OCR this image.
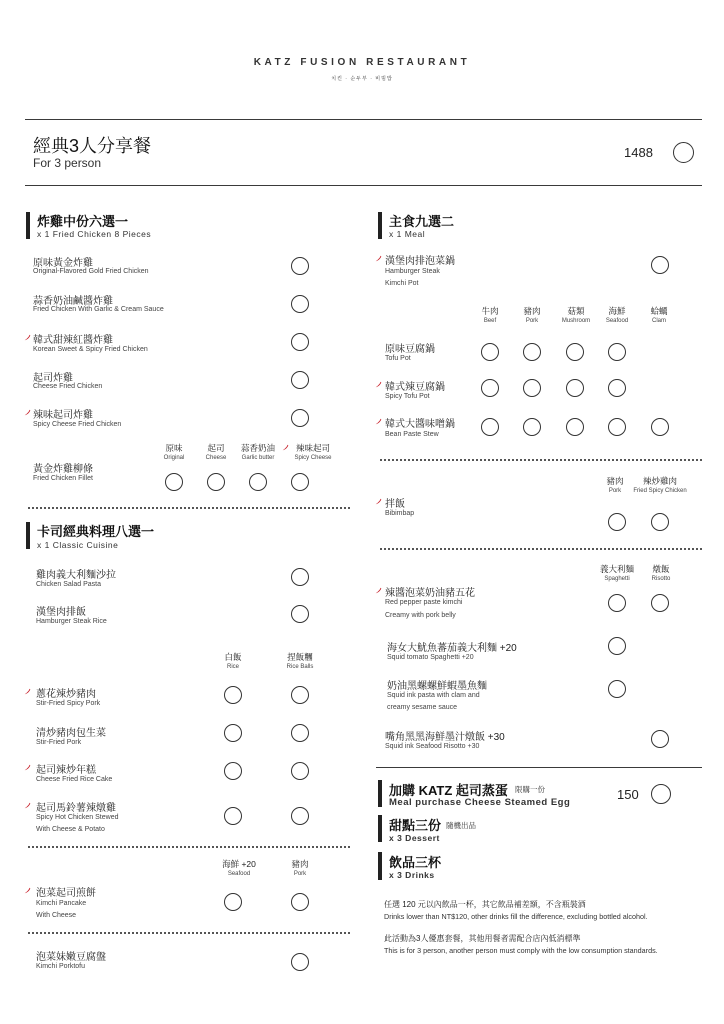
KATZ FUSION RESTAURANT
치킨 · 순두부 · 비빔밥
經典3人分享餐
For 3 person
1488
炸雞中份六選一
x 1 Fried Chicken 8 Pieces
原味黃金炸雞
Original-Flavored Gold Fried Chicken
蒜香奶油鹹醬炸雞
Fried Chicken With Garlic & Cream Sauce
韓式甜辣紅醬炸雞
Korean Sweet & Spicy Fried Chicken
起司炸雞
Cheese Fried Chicken
辣味起司炸雞
Spicy Cheese Fried Chicken
原味
Original
起司
Cheese
蒜香奶油
Garlic butter
辣味起司
Spicy Cheese
黃金炸雞柳條
Fried Chicken Fillet
卡司經典料理八選一
x 1 Classic Cuisine
雞肉義大利麵沙拉
Chicken Salad Pasta
漢堡肉排飯
Hamburger Steak Rice
白飯
Rice
捏飯糰
Rice Balls
蔥花辣炒豬肉
Stir-Fried Spicy Pork
清炒豬肉包生菜
Stir-Fried Pork
起司辣炒年糕
Cheese Fried Rice Cake
起司馬鈴薯辣燉雞
Spicy Hot Chicken Stewed
With Cheese & Potato
海鮮 +20
Seafood
豬肉
Pork
泡菜起司煎餅
Kimchi Pancake
With Cheese
泡菜妹嫩豆腐盤
Kimchi Porktofu
主食九選二
x 1 Meal
漢堡肉排泡菜鍋
Hamburger Steak
Kimchi Pot
牛肉
Beef
豬肉
Pork
菇類
Mushroom
海鮮
Seafood
蛤蠣
Clam
原味豆腐鍋
Tofu Pot
韓式辣豆腐鍋
Spicy Tofu Pot
韓式大醬味噌鍋
Bean Paste Stew
豬肉
Pork
辣炒雞肉
Fried Spicy Chicken
拌飯
Bibimbap
義大利麵
Spaghetti
燉飯
Risotto
辣醬泡菜奶油豬五花
Red pepper paste kimchi
Creamy with pork belly
海女大魷魚蕃茄義大利麵 +20
Squid tomato Spaghetti +20
奶油黑螺螺鮮蝦墨魚麵
Squid ink pasta with clam and
creamy sesame sauce
嘴角黑黑海鮮墨汁燉飯 +30
Squid ink Seafood Risotto +30
加購 KATZ 起司蒸蛋 限購一份
Meal purchase Cheese Steamed Egg
150
甜點三份 隨機出品
x 3 Dessert
飲品三杯
x 3 Drinks
任選 120 元以內飲品一杯，其它飲品補差額，不含瓶裝酒
Drinks lower than NT$120, other drinks fill the difference, excluding bottled alcohol.
此活動為3人優惠套餐，其他用餐者需配合店內低消標準
This is for 3 person, another person must comply with the low consumption standards.
